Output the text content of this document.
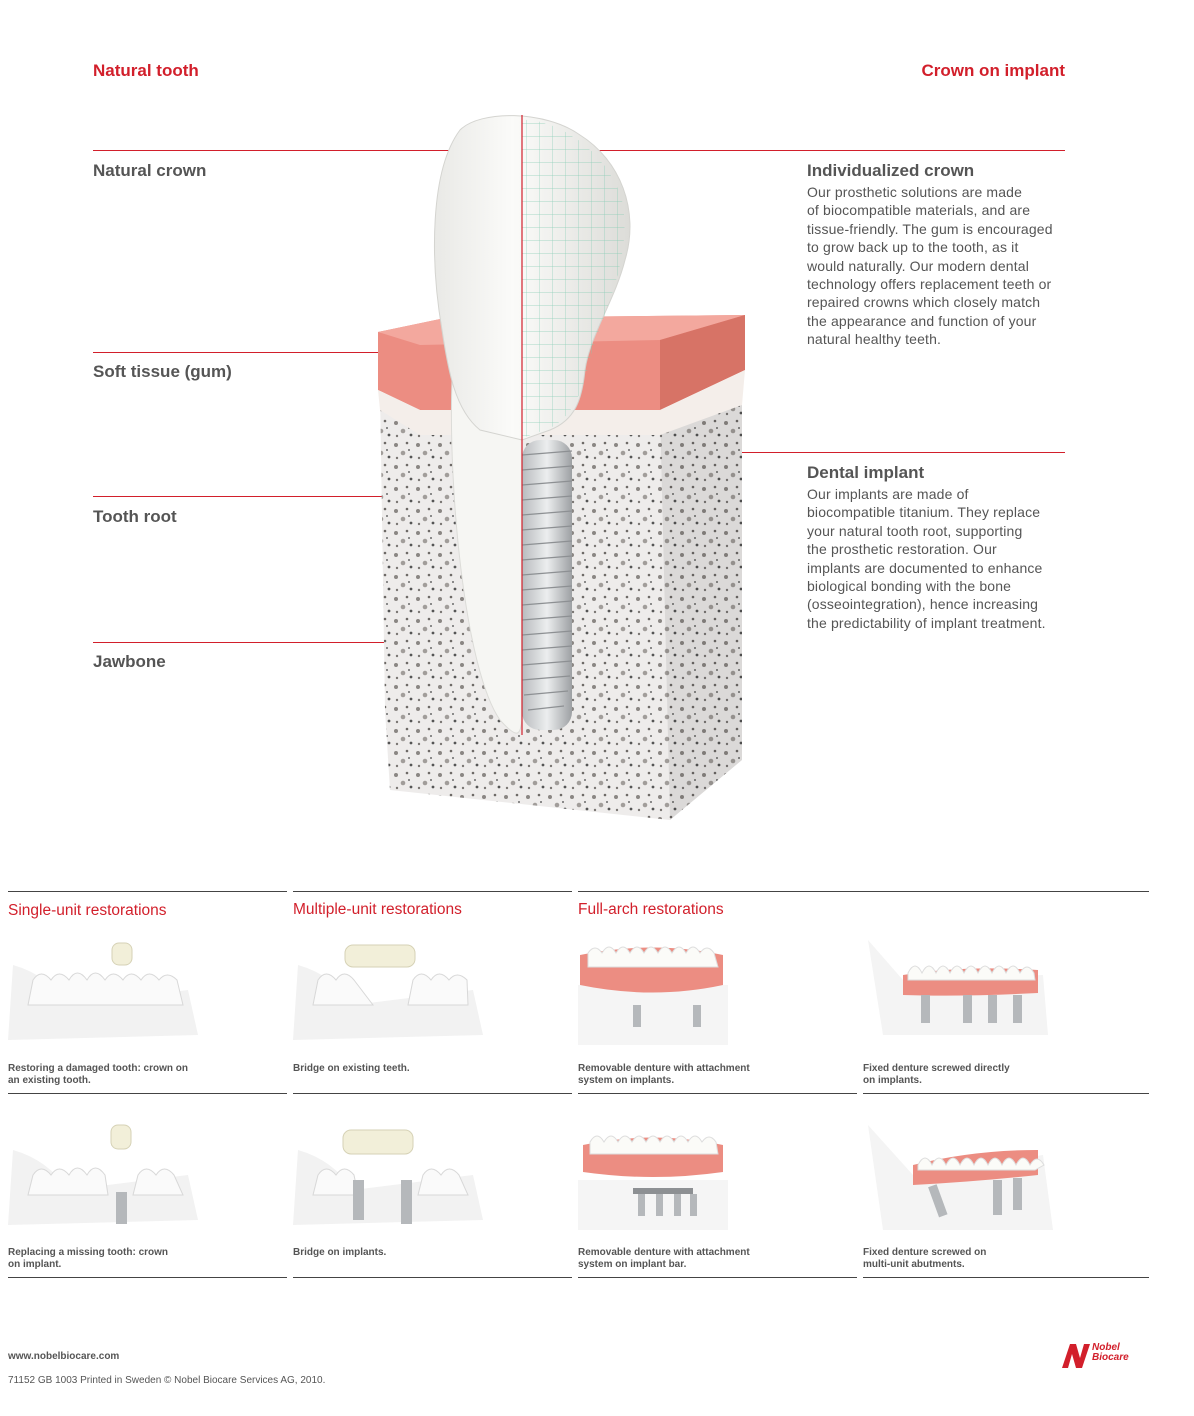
Natural tooth	Crown on implant
Natural crown
Soft tissue (gum)
Tooth root
Jawbone
Individualized crown
Our prosthetic solutions are made
of biocompatible materials, and are
tissue-friendly. The gum is encouraged
to grow back up to the tooth, as it
would naturally. Our modern dental
technology offers replacement teeth or
repaired crowns which closely match
the appearance and function of your
natural healthy teeth.
Dental implant
Our implants are made of
biocompatible titanium. They replace
your natural tooth root, supporting
the prosthetic restoration. Our
implants are documented to enhance
biological bonding with the bone
(osseointegration), hence increasing
the predictability of implant treatment.
Single-unit restorations	Multiple-unit restorations	Full-arch restorations
Restoring a damaged tooth: crown on
an existing tooth.
Bridge on existing teeth.	Removable denture with attachment
system on implants.
Fixed denture screwed directly
on implants.
Replacing a missing tooth: crown
on implant.
Bridge on implants.	Removable denture with attachment
system on implant bar.
Fixed denture screwed on
multi-unit abutments.
www.nobelbiocare.com
71152 GB 1003 Printed in Sweden © Nobel Biocare Services AG, 2010.
Nobel
Biocare
